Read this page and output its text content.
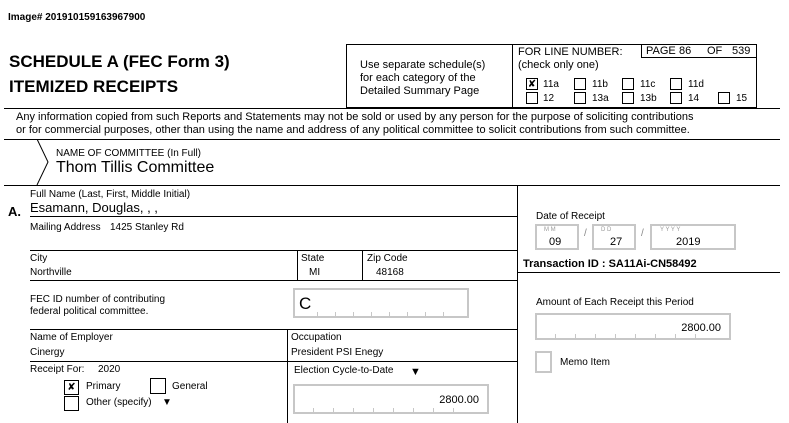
Image# 201910159163967900
SCHEDULE A (FEC Form 3)
ITEMIZED RECEIPTS
Use separate schedule(s)
for each category of the
Detailed Summary Page
FOR LINE NUMBER:
(check only one)
PAGE 86 OF 539
✘ 11a	11b	11c	11d
12	13a	13b	14	15
Any information copied from such Reports and Statements may not be sold or used by any person for the purpose of soliciting contributions
or for commercial purposes, other than using the name and address of any political committee to solicit contributions from such committee.
NAME OF COMMITTEE (In Full)
Thom Tillis Committee
A.
Full Name (Last, First, Middle Initial)
Esamann, Douglas, , ,
Mailing Address 1425 Stanley Rd
City
Northville
State
MI
Zip Code
48168
FEC ID number of contributing
federal political committee.	C
Name of Employer
Cinergy
Occupation
President PSI Enegy
Receipt For: 2020
✘	Primary	General
Other (specify) ▼
Election Cycle-to-Date ▼
2800.00
Date of Receipt
M M
09
/ D D
27
/	Y Y Y Y
2019
Transaction ID : SA11Ai-CN58492
Amount of Each Receipt this Period
2800.00
Memo Item
